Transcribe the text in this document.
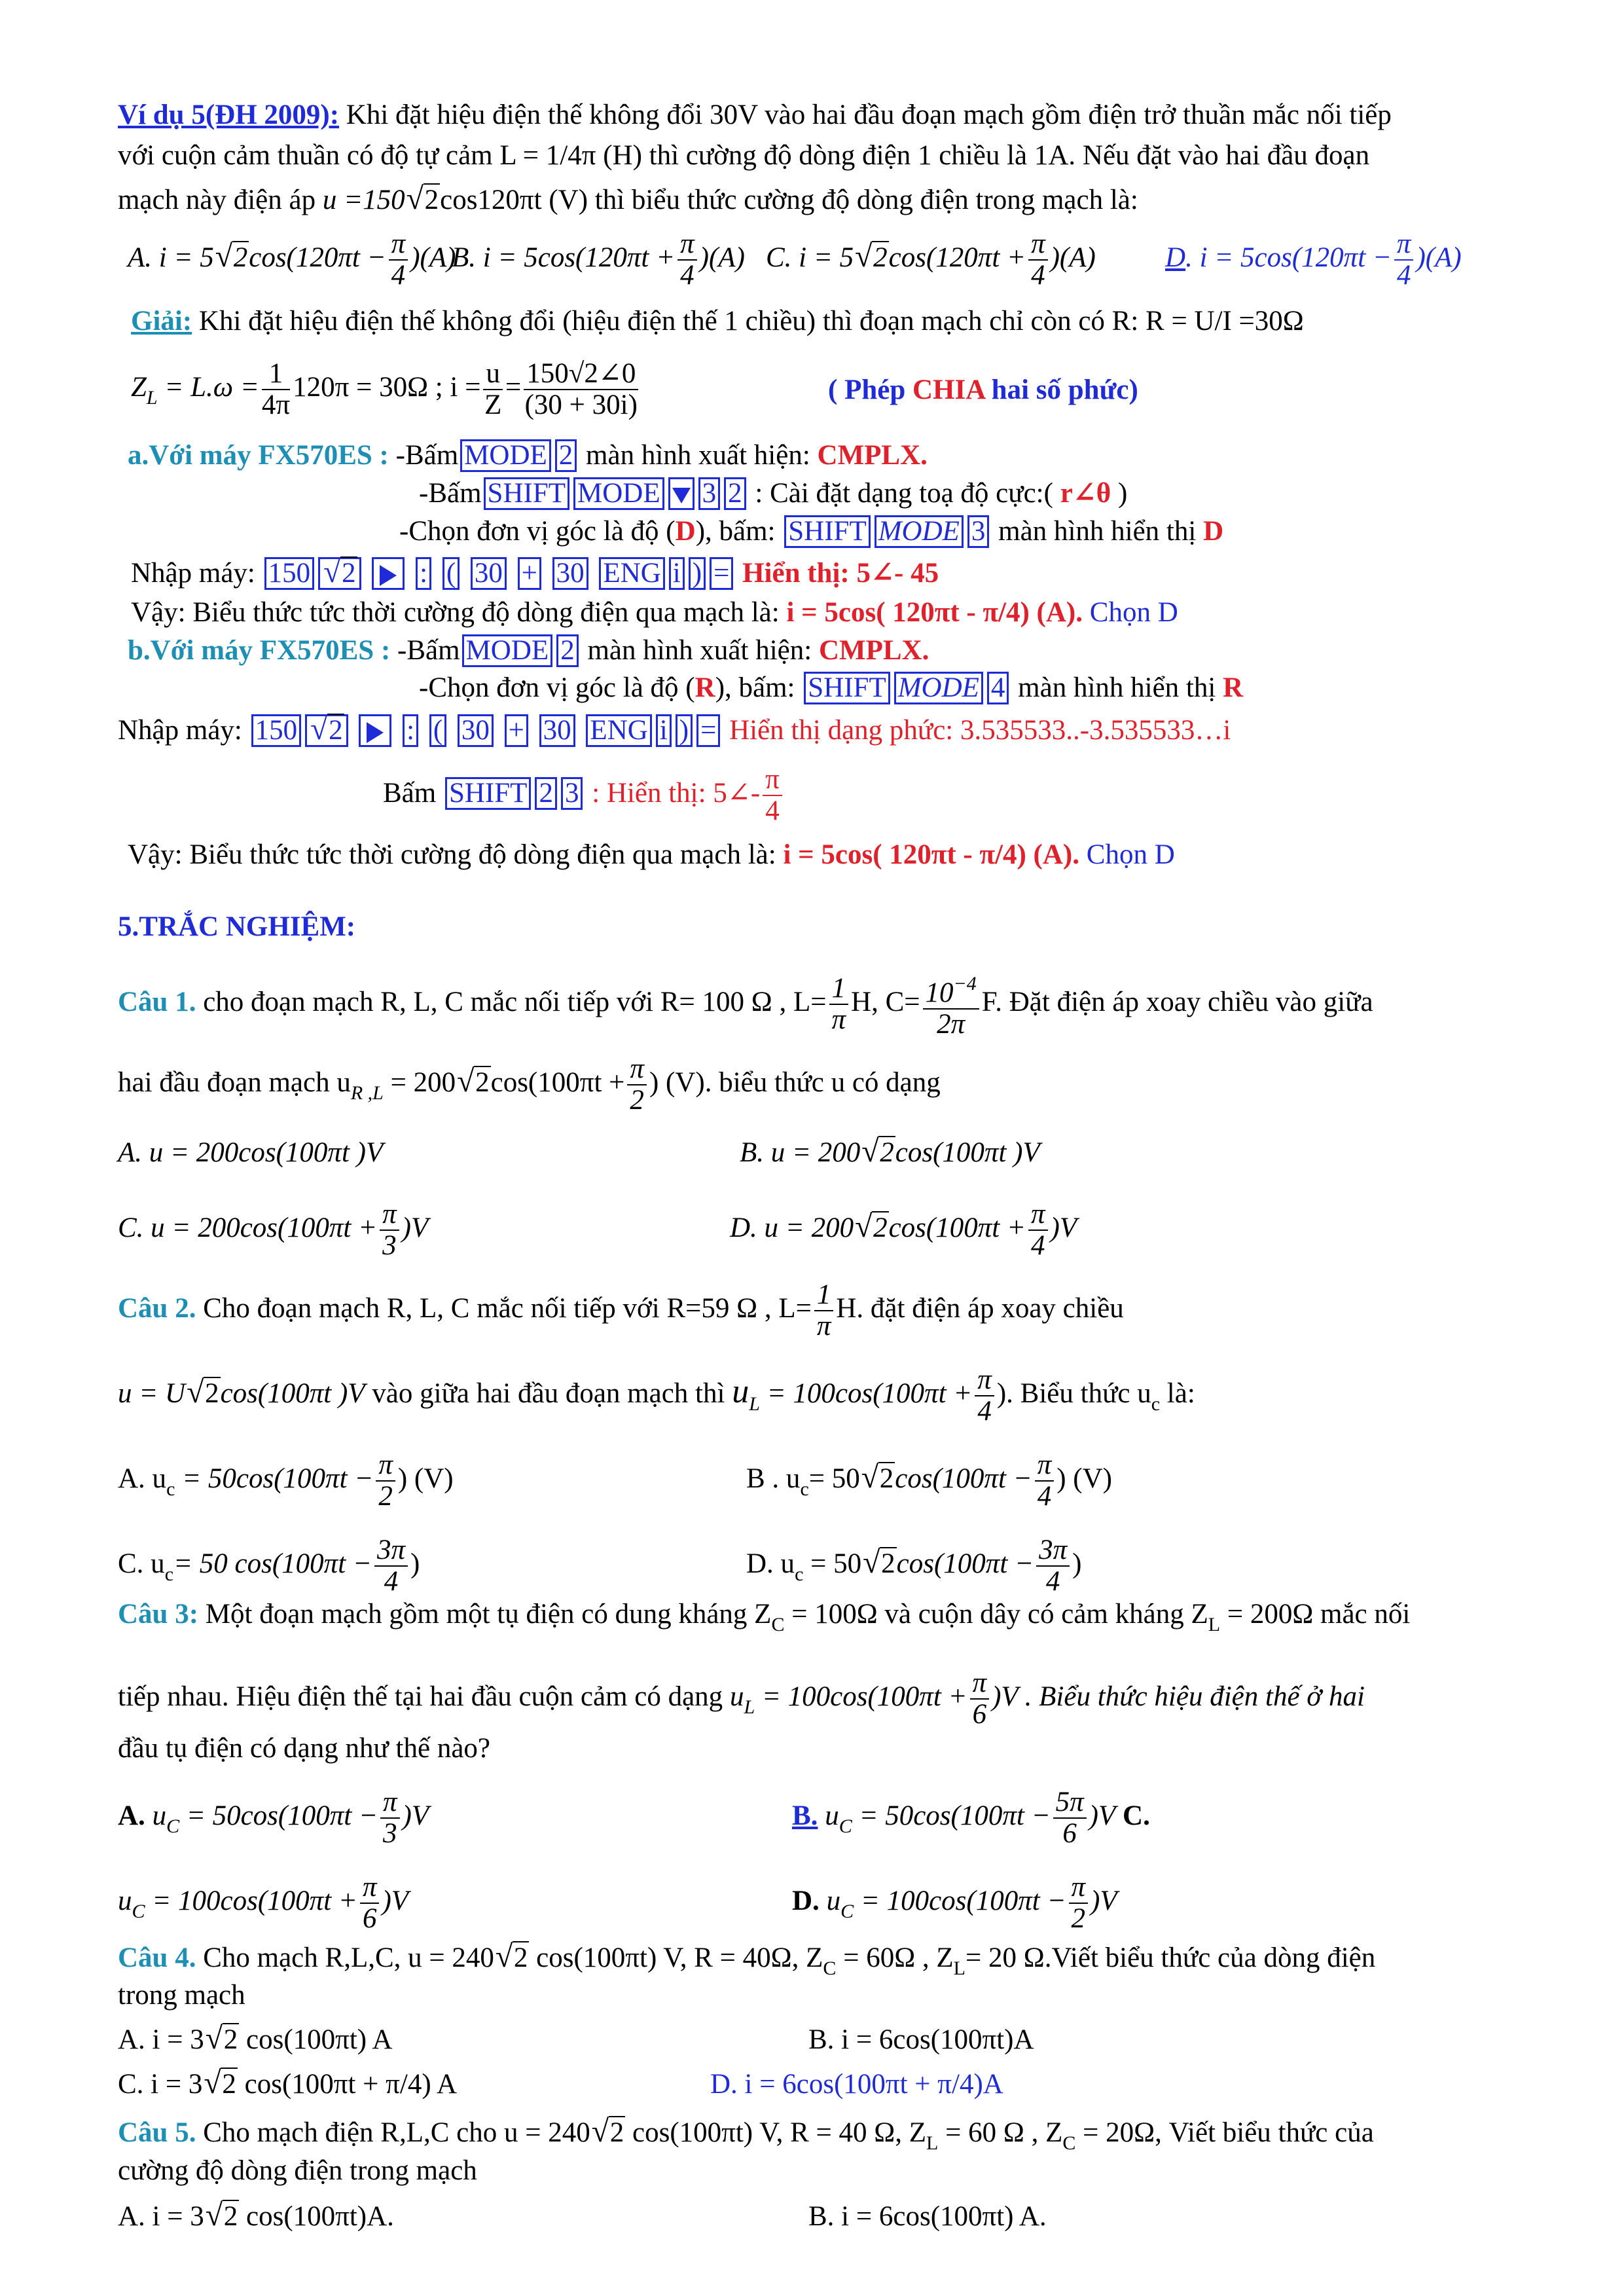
Ví dụ 5(ĐH 2009): Khi đặt hiệu điện thế không đổi 30V vào hai đầu đoạn mạch gồm điện trở thuần mắc nối tiếp
với cuộn cảm thuần có độ tự cảm L = 1/4π (H) thì cường độ dòng điện 1 chiều là 1A. Nếu đặt vào hai đầu đoạn
mạch này điện áp u =150√ 2cos120πt (V) thì biểu thức cường độ dòng điện trong mạch là:
A. i = 5√ $2\cos(120\pi t - \frac{\pi}{4} )(A)$
B. $i = 5\cos(120\pi t + \frac{\pi}{4} )(A)$ C. i = 5√ $2\cos(120\pi t + \frac{\pi}{4} )(A)$ D. $i = 5\cos(120\pi t - \frac{\pi}{4} )(A)$
Giải: Khi đặt hiệu điện thế không đổi (hiệu điện thế 1 chiều) thì đoạn mạch chỉ còn có R: R = U/I =30Ω
$Z_L = L.\omega = \frac{1}{4\pi} 120\pi = 30\Omega$ ; $i = \frac{u}{Z} = \frac{150√2\angle 0}{(30 + 30i)}$	( Phép CHIA hai số phức)
a.Với máy FX570ES : -Bấm MODE 2 màn hình xuất hiện: CMPLX.
-Bấm SHIFT MODE 3 2 : Cài đặt dạng toạ độ cực:( r∠θ )
-Chọn đơn vị góc là độ (D), bấm: SHIFT MODE 3 màn hình hiển thị D
Nhập máy: 150√ 2 : ( 30 + 30 ENG i ) = Hiển thị: 5∠- 45
Vậy: Biểu thức tức thời cường độ dòng điện qua mạch là: i = 5cos( 120πt - π/4) (A). Chọn D
b.Với máy FX570ES : -Bấm MODE 2 màn hình xuất hiện: CMPLX.
-Chọn đơn vị góc là độ (R), bấm: SHIFT MODE 4 màn hình hiển thị R
Nhập máy: 150√ 2 : ( 30 + 30 ENG i ) = Hiển thị dạng phức: 3.535533..-3.535533…i
Bấm SHIFT 2 3 : Hiển thị: 5∠- $\frac{\pi}{4}$
Vậy: Biểu thức tức thời cường độ dòng điện qua mạch là: i = 5cos( 120πt - π/4) (A). Chọn D
5.TRẮC NGHIỆM:
Câu 1. cho đoạn mạch R, L, C mắc nối tiếp với R= 100 Ω , $L= \frac{1}{\pi} H$, $C= \frac{10^{-4}}{2\pi} F$. Đặt điện áp xoay chiều vào giữa
hai đầu đoạn mạch $u_{R ,L} = 200√$ $2\cos(100\pi t + \frac{\pi}{2}$ ) (V). biểu thức u có dạng
A. u = 200cos(100πt )V	B. u = 200√ 2cos(100πt )V
C. $u = 200\cos(100\pi t + \frac{\pi}{3} )V$	D. u = 200√ $2\cos(100\pi t + \frac{\pi}{4} )V$
Câu 2. Cho đoạn mạch R, L, C mắc nối tiếp với R=59 Ω , $L= \frac{1}{\pi} H$. đặt điện áp xoay chiều
u = U√ 2cos(100πt )V vào giữa hai đầu đoạn mạch thì $u_L = 100\cos(100\pi t + \frac{\pi}{4}$ ). Biểu thức $u_c$ là:
A. $u_c = 50\cos(100\pi t - \frac{\pi}{2}$ ) (V)	B . $u_c= 50√$ $2\cos(100\pi t - \frac{\pi}{4}$ ) (V)
C. $u_c= 50$ $\cos(100\pi t - \frac{3\pi}{4}$ )	D. $u_c = 50√$ $2\cos(100\pi t - \frac{3\pi}{4}$ )
Câu 3: Một đoạn mạch gồm một tụ điện có dung kháng $Z_C = 100\Omega$ và cuộn dây có cảm kháng $Z_L = 200\Omega$ mắc nối
tiếp nhau. Hiệu điện thế tại hai đầu cuộn cảm có dạng $u_L = 100\cos(100\pi t + \frac{\pi}{6} )V$ . Biểu thức hiệu điện thế ở hai
đầu tụ điện có dạng như thế nào?
A. $u_C = 50\cos(100\pi t - \frac{\pi}{3} )V$	B. $u_C = 50\cos(100\pi t - \frac{5\pi}{6} )V$ C.
$u_C = 100\cos(100\pi t + \frac{\pi}{6} )V$	D. $u_C = 100\cos(100\pi t - \frac{\pi}{2} )V$
Câu 4. Cho mạch R,L,C, u = 240√ 2 cos(100πt) V, R = 40Ω, $Z_C = 60\Omega$ , $Z_L= 20$ Ω.Viết biểu thức của dòng điện
trong mạch
A. i = 3√ 2 cos(100πt) A	B. i = 6cos(100πt)A
C. i = 3√ 2 cos(100πt + π/4) A	D. i = 6cos(100πt + π/4)A
Câu 5. Cho mạch điện R,L,C cho u = 240√ 2 cos(100πt) V, R = 40 Ω, $Z_L = 60$ Ω , $Z_C = 20\Omega$, Viết biểu thức của
cường độ dòng điện trong mạch
A. i = 3√ 2 cos(100πt)A.	B. i = 6cos(100πt) A.
